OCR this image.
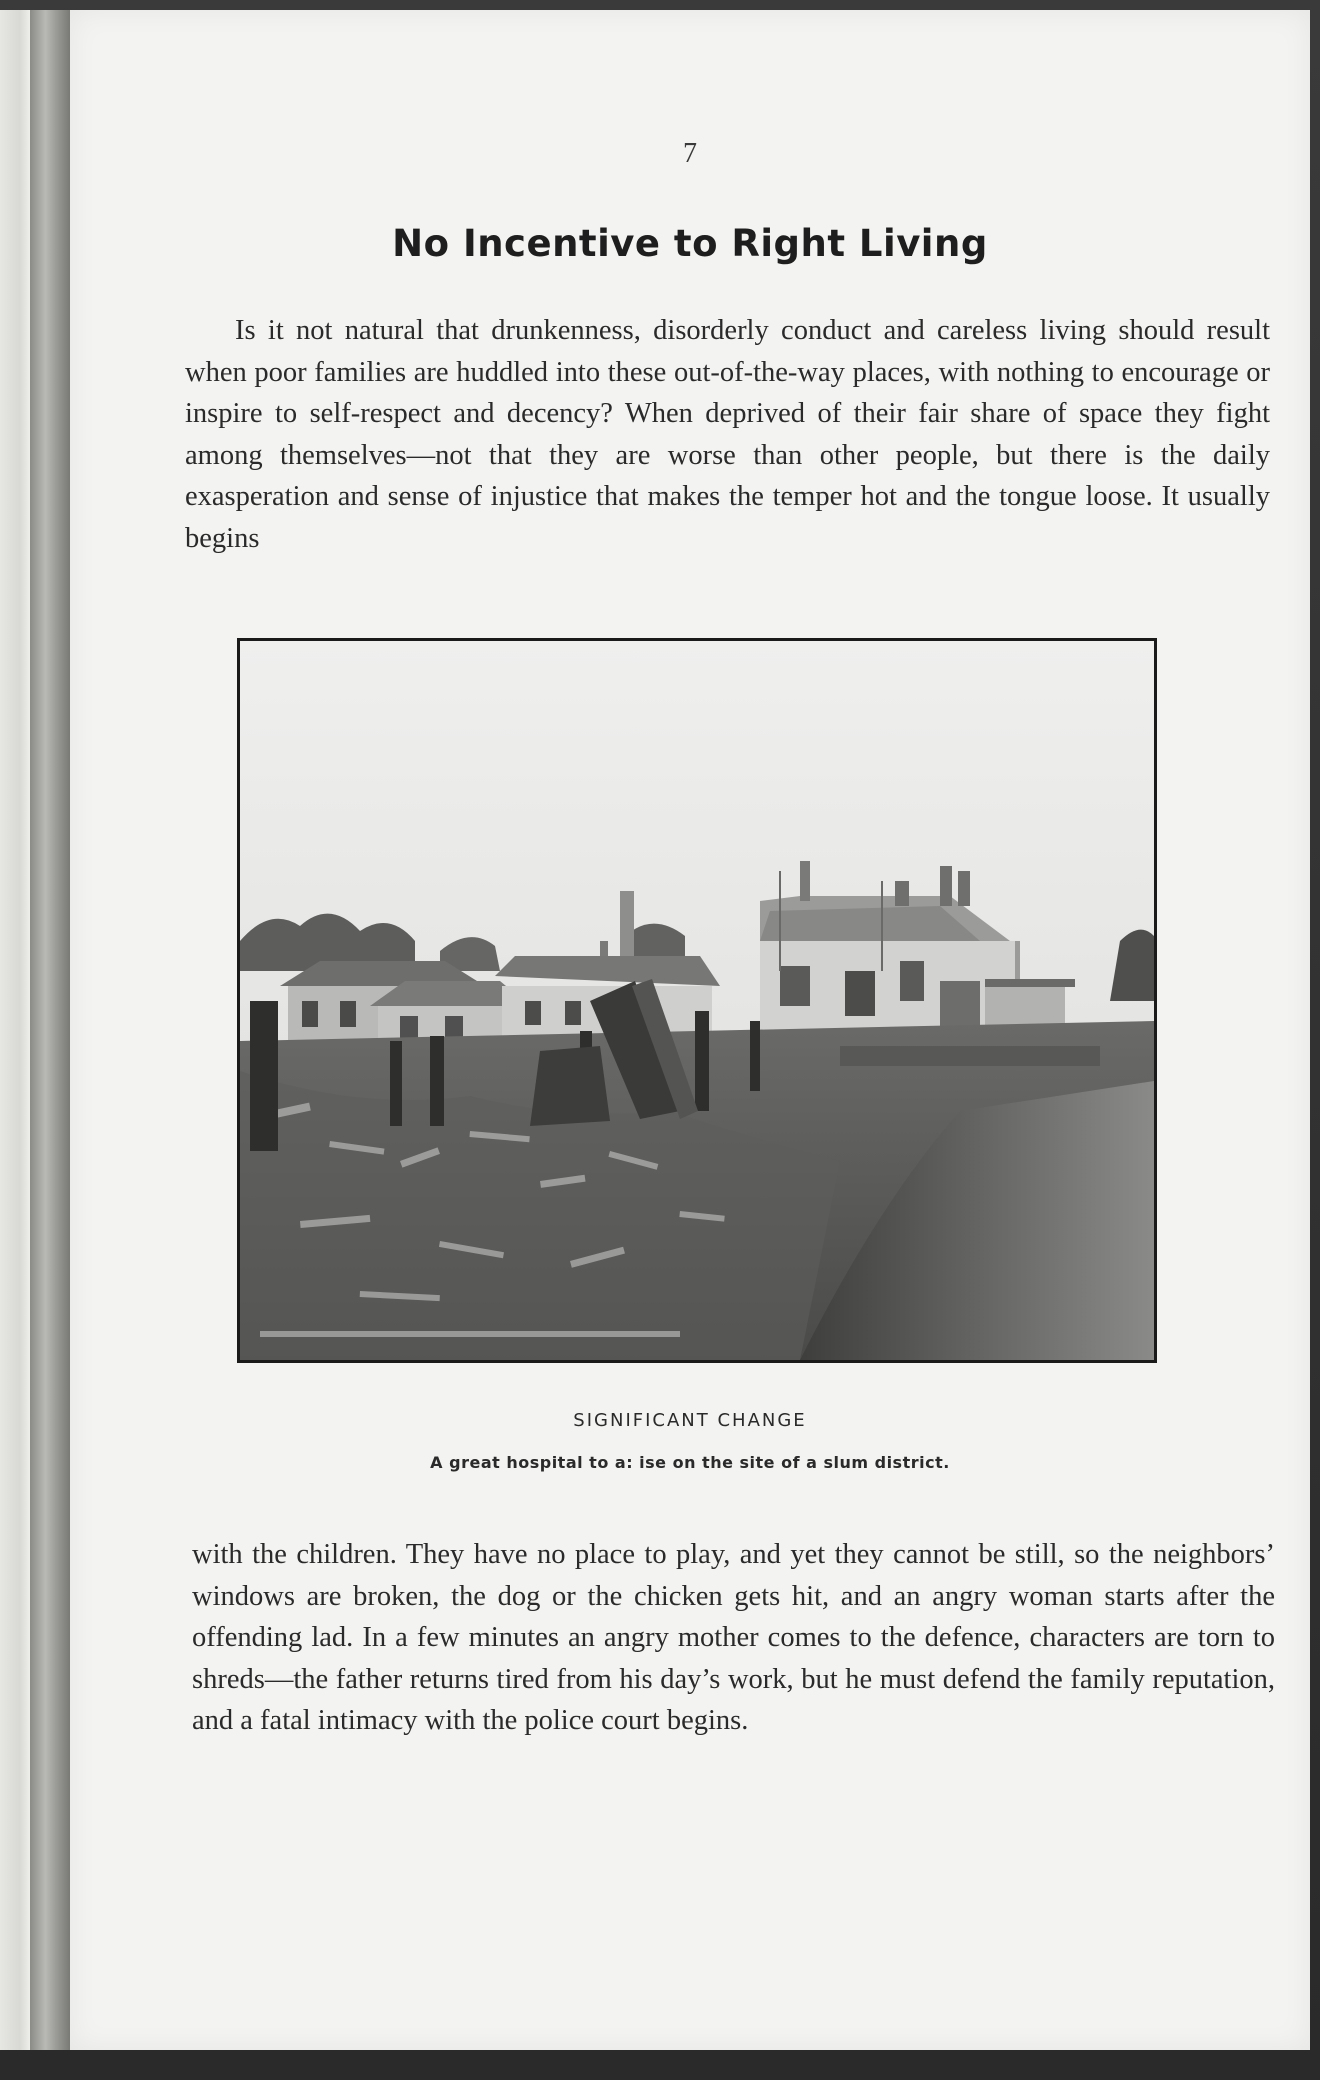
7
No Incentive to Right Living

Is it not natural that drunkenness, disorderly conduct and careless living should result when poor families are huddled into these out-of-the-way places, with nothing to encourage or inspire to self-respect and decency? When deprived of their fair share of space they fight among themselves—not that they are worse than other people, but there is the daily exasperation and sense of injustice that makes the temper hot and the tongue loose. It usually begins

SIGNIFICANT CHANGE
A great hospital to a: ise on the site of a slum district.

with the children. They have no place to play, and yet they cannot be still, so the neighbors’ windows are broken, the dog or the chicken gets hit, and an angry woman starts after the offending lad. In a few minutes an angry mother comes to the defence, characters are torn to shreds—the father returns tired from his day’s work, but he must defend the family reputation, and a fatal intimacy with the police court begins.
